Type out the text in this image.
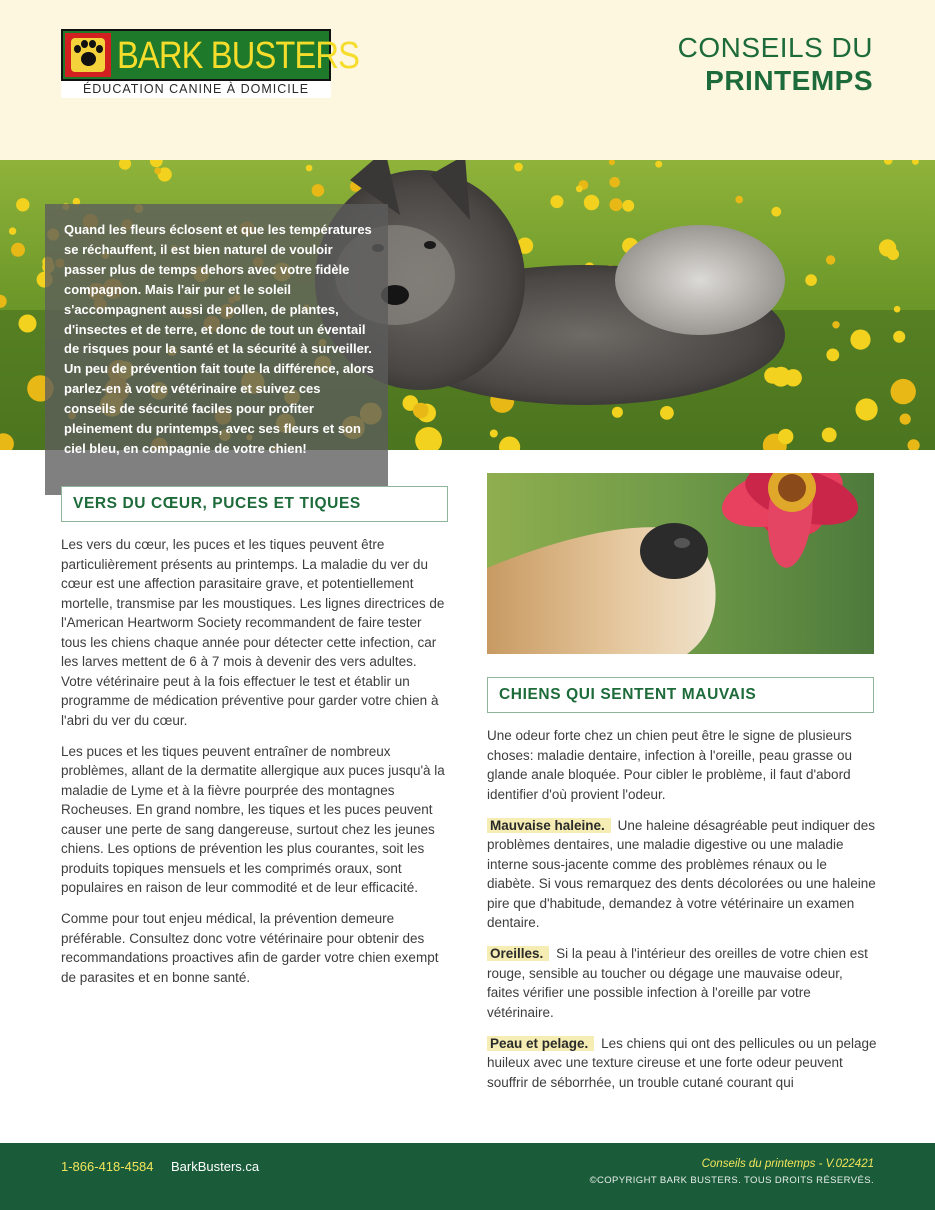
BARK BUSTERS
ÉDUCATION CANINE À DOMICILE
CONSEILS DU
PRINTEMPS

Quand les fleurs éclosent et que les températures se réchauffent, il est bien naturel de vouloir passer plus de temps dehors avec votre fidèle compagnon. Mais l'air pur et le soleil s'accompagnent aussi de pollen, de plantes, d'insectes et de terre, et donc de tout un éventail de risques pour la santé et la sécurité à surveiller. Un peu de prévention fait toute la différence, alors parlez-en à votre vétérinaire et suivez ces conseils de sécurité faciles pour profiter pleinement du printemps, avec ses fleurs et son ciel bleu, en compagnie de votre chien!

VERS DU CŒUR, PUCES ET TIQUES

Les vers du cœur, les puces et les tiques peuvent être particulièrement présents au printemps. La maladie du ver du cœur est une affection parasitaire grave, et potentiellement mortelle, transmise par les moustiques. Les lignes directrices de l'American Heartworm Society recommandent de faire tester tous les chiens chaque année pour détecter cette infection, car les larves mettent de 6 à 7 mois à devenir des vers adultes. Votre vétérinaire peut à la fois effectuer le test et établir un programme de médication préventive pour garder votre chien à l'abri du ver du cœur.

Les puces et les tiques peuvent entraîner de nombreux problèmes, allant de la dermatite allergique aux puces jusqu'à la maladie de Lyme et à la fièvre pourprée des montagnes Rocheuses. En grand nombre, les tiques et les puces peuvent causer une perte de sang dangereuse, surtout chez les jeunes chiens. Les options de prévention les plus courantes, soit les produits topiques mensuels et les comprimés oraux, sont populaires en raison de leur commodité et de leur efficacité.

Comme pour tout enjeu médical, la prévention demeure préférable. Consultez donc votre vétérinaire pour obtenir des recommandations proactives afin de garder votre chien exempt de parasites et en bonne santé.

CHIENS QUI SENTENT MAUVAIS

Une odeur forte chez un chien peut être le signe de plusieurs choses: maladie dentaire, infection à l'oreille, peau grasse ou glande anale bloquée. Pour cibler le problème, il faut d'abord identifier d'où provient l'odeur.

Mauvaise haleine. Une haleine désagréable peut indiquer des problèmes dentaires, une maladie digestive ou une maladie interne sous-jacente comme des problèmes rénaux ou le diabète. Si vous remarquez des dents décolorées ou une haleine pire que d'habitude, demandez à votre vétérinaire un examen dentaire.

Oreilles. Si la peau à l'intérieur des oreilles de votre chien est rouge, sensible au toucher ou dégage une mauvaise odeur, faites vérifier une possible infection à l'oreille par votre vétérinaire.

Peau et pelage. Les chiens qui ont des pellicules ou un pelage huileux avec une texture cireuse et une forte odeur peuvent souffrir de séborrhée, un trouble cutané courant qui

1-866-418-4584 BarkBusters.ca	Conseils du printemps - V.022421
©COPYRIGHT BARK BUSTERS. TOUS DROITS RÉSERVÉS.
